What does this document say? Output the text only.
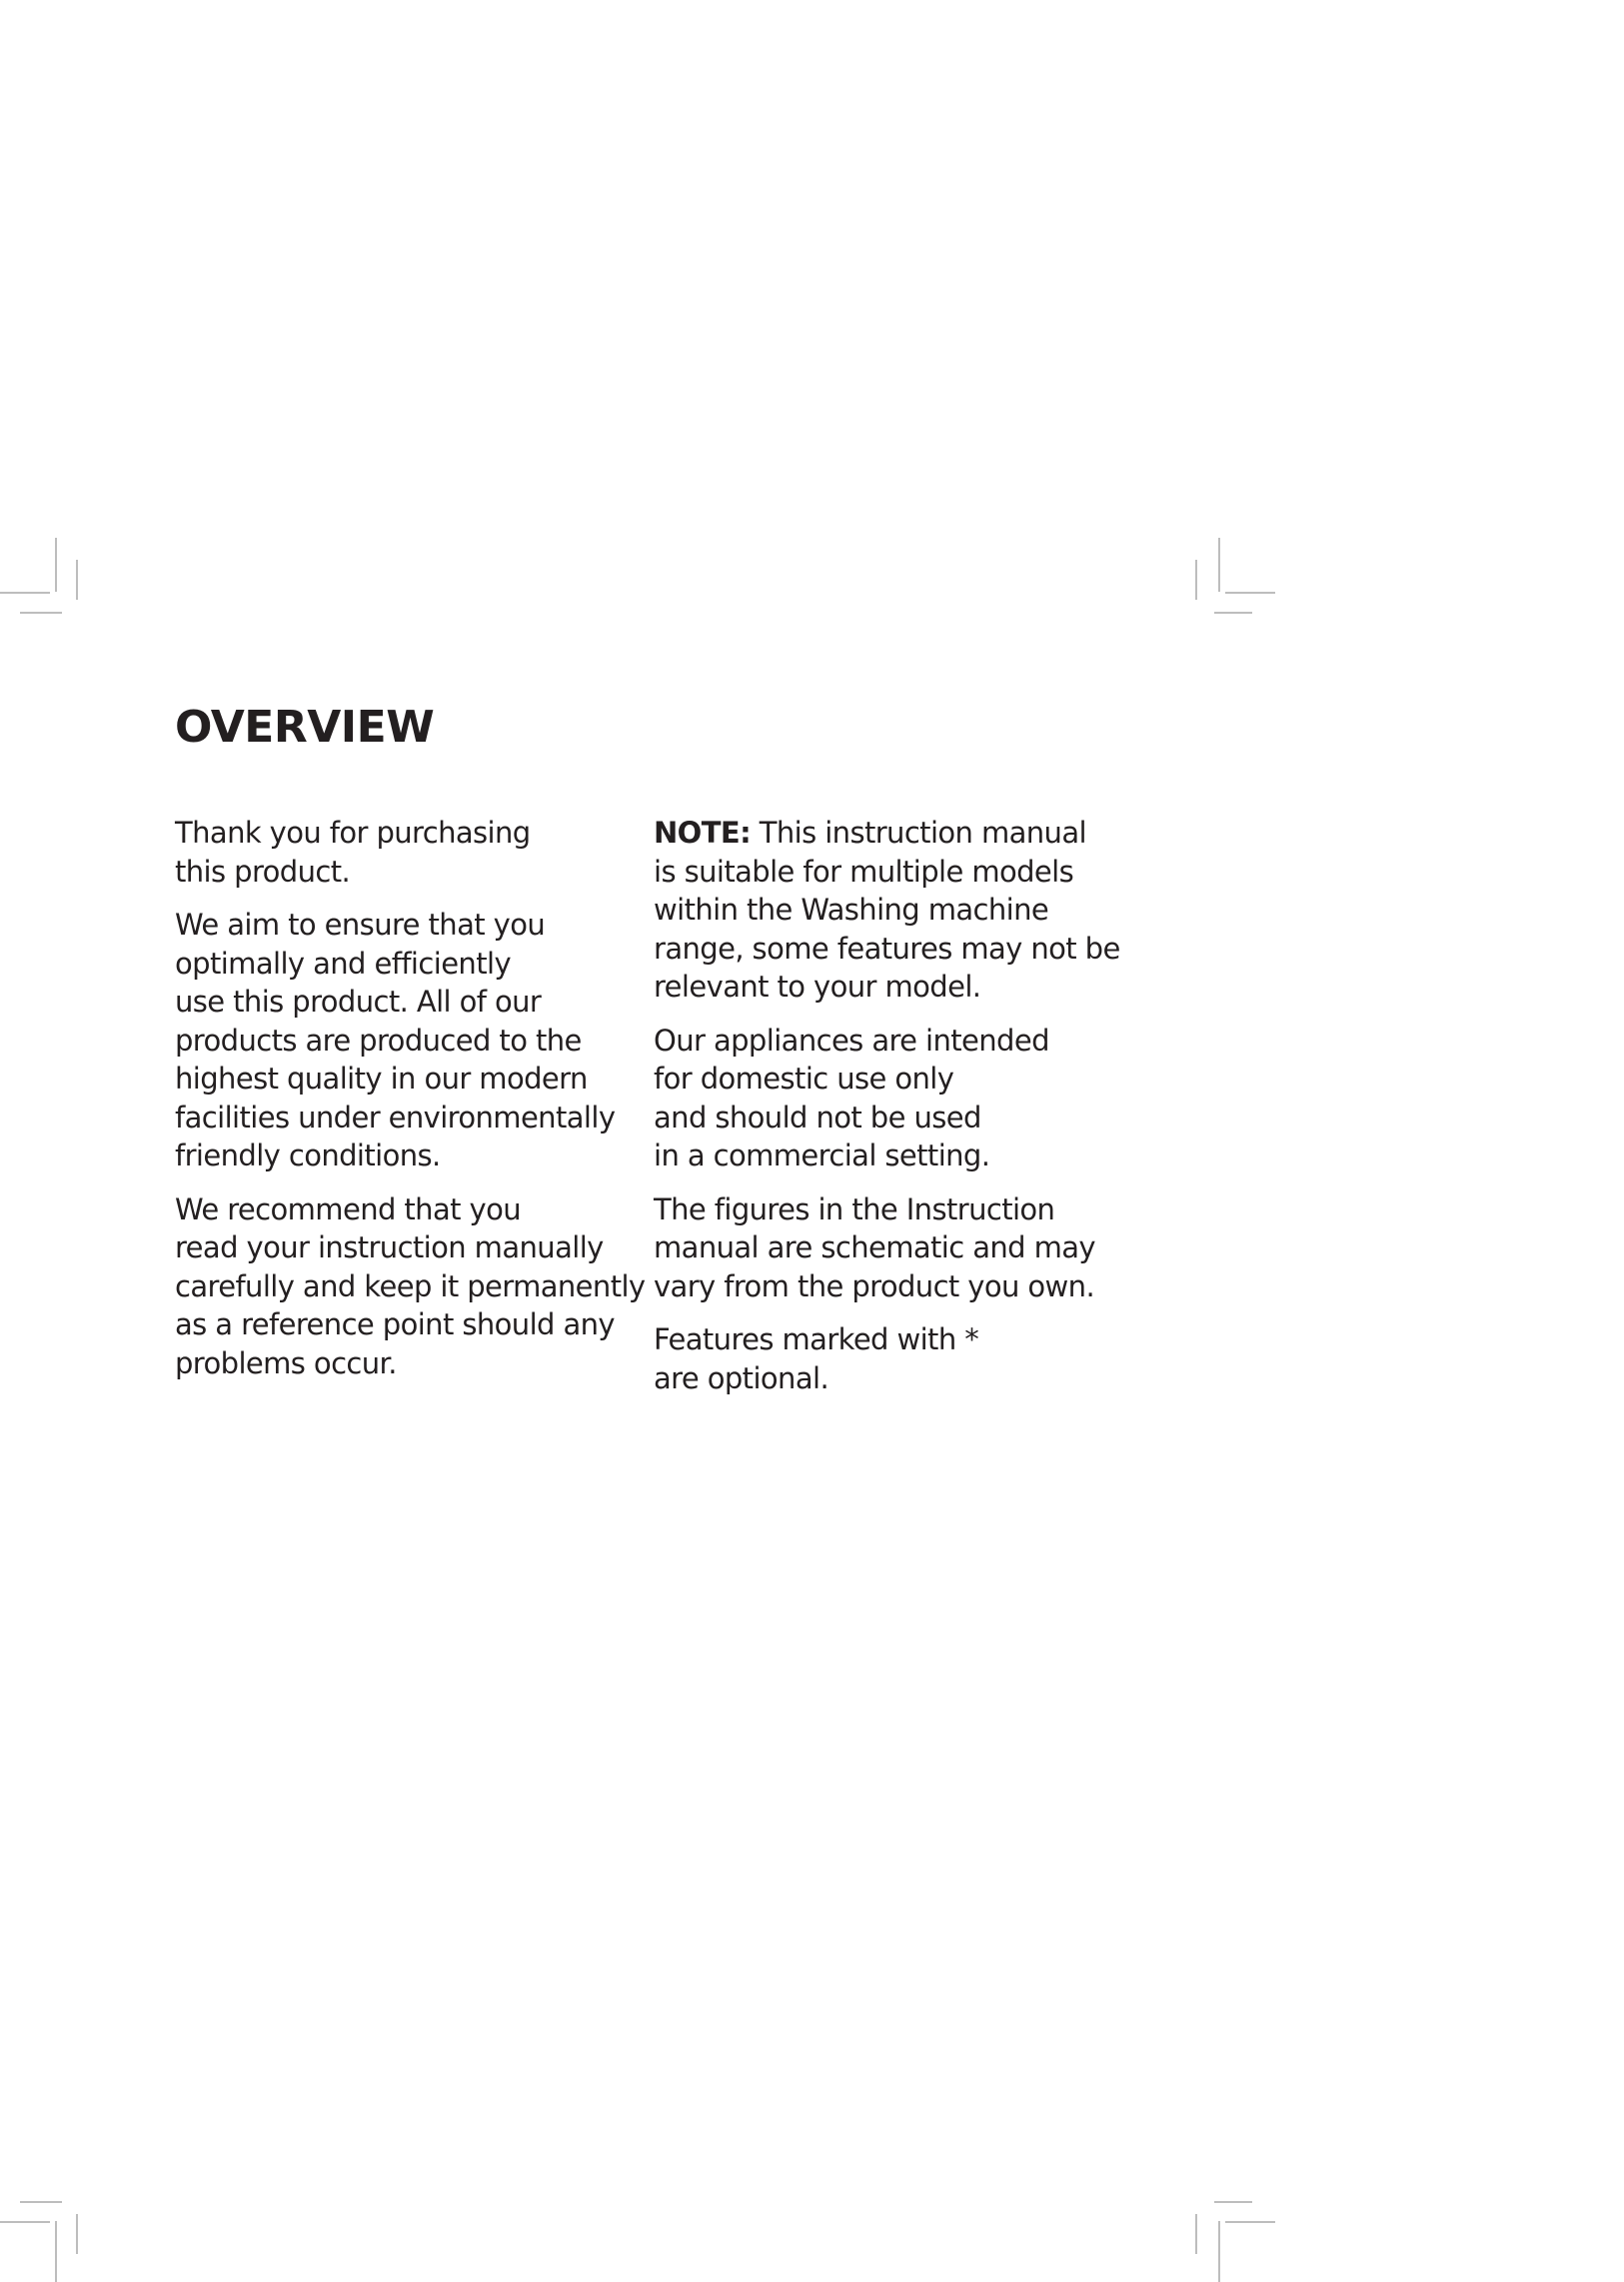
OVERVIEW

Thank you for purchasing
this product.

We aim to ensure that you
optimally and efficiently
use this product. All of our
products are produced to the
highest quality in our modern
facilities under environmentally
friendly conditions.

We recommend that you
read your instruction manually
carefully and keep it permanently
as a reference point should any
problems occur.

NOTE: This instruction manual
is suitable for multiple models
within the Washing machine
range, some features may not be
relevant to your model.

Our appliances are intended
for domestic use only
and should not be used
in a commercial setting.

The figures in the Instruction
manual are schematic and may
vary from the product you own.

Features marked with *
are optional.
